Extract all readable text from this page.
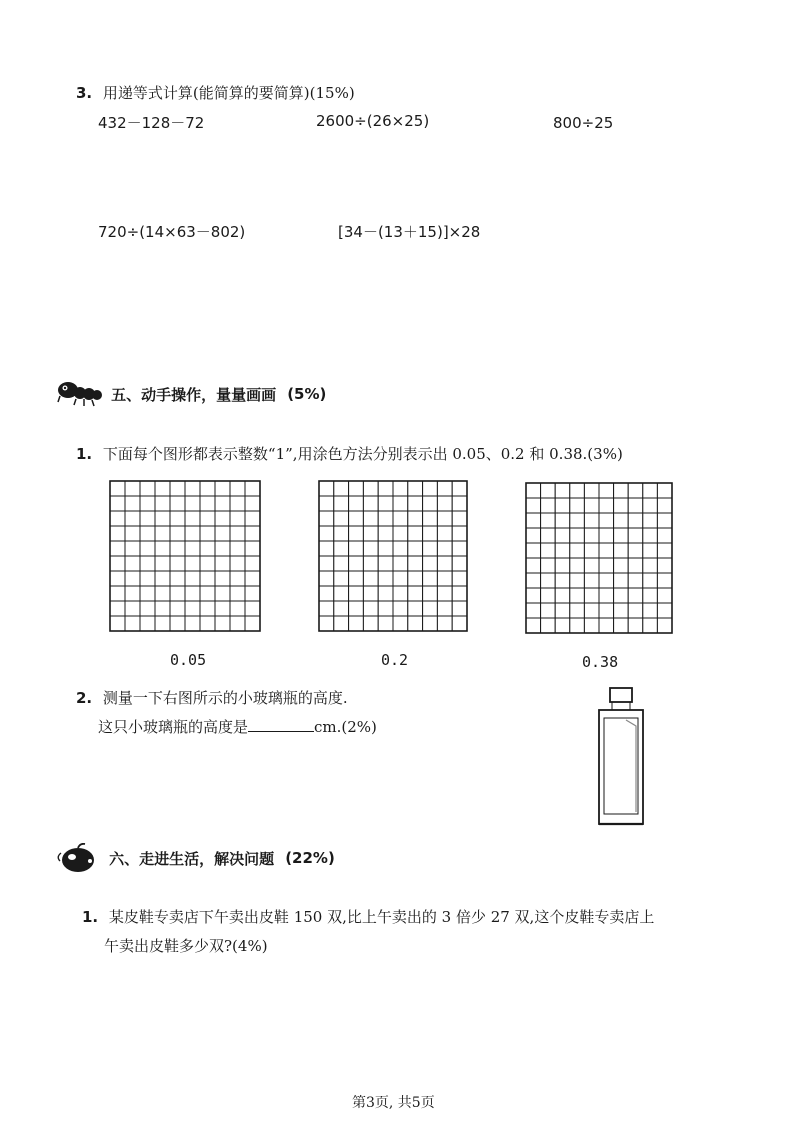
3. 用递等式计算(能简算的要简算)(15%)
432－128－72	2600÷(26×25)	800÷25
720÷(14×63－802)	[34－(13＋15)]×28
五、动手操作，量量画画 (5%)
1. 下面每个图形都表示整数“1”,用涂色方法分别表示出 0.05、0.2 和 0.38.(3%)
0.05	0.2	0.38
2. 测量一下右图所示的小玻璃瓶的高度.
这只小玻璃瓶的高度是	cm.(2%)
六、走进生活，解决问题 (22%)
1. 某皮鞋专卖店下午卖出皮鞋 150 双,比上午卖出的 3 倍少 27 双,这个皮鞋专卖店上
午卖出皮鞋多少双?(4%)
第3页, 共5页
